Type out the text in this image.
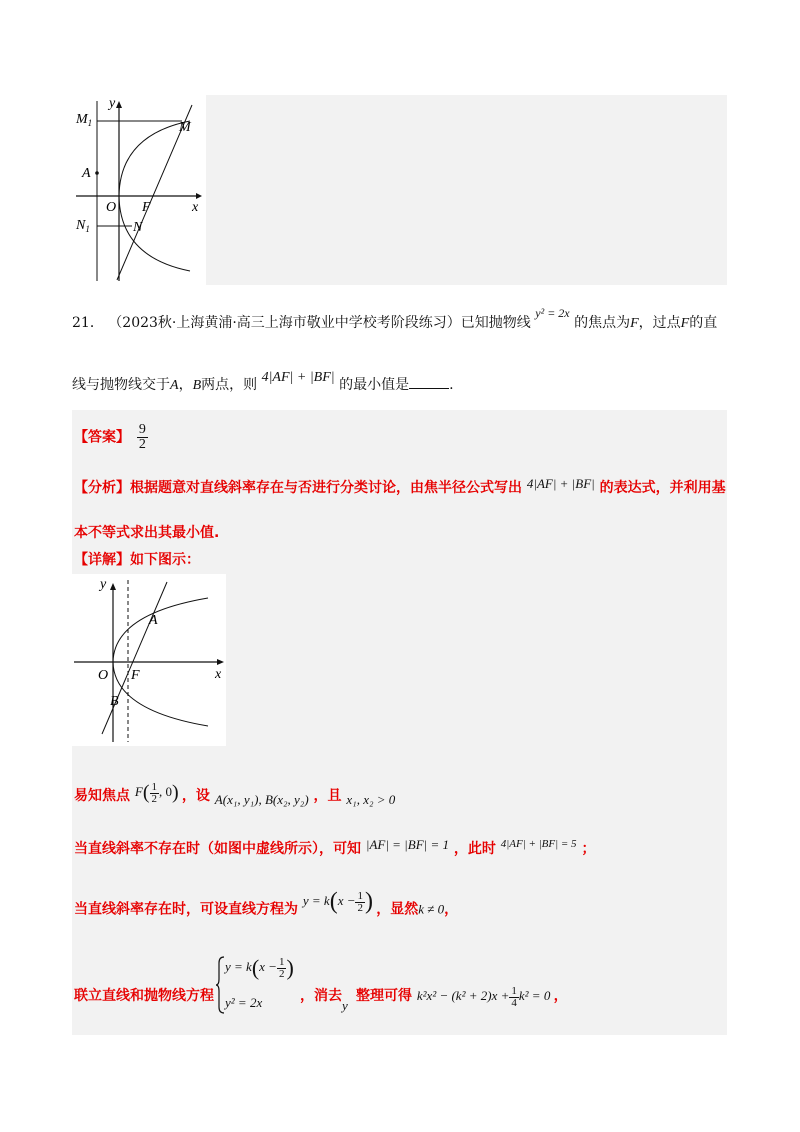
$M_1$	M
A
O F	x
y
$N_1$	N
21． （2023秋·上海黄浦·高三上海市敬业中学校考阶段练习）已知抛物线 y² = 2x 的焦点为F，过点F的直
线与抛物线交于A，B两点，则 4|AF| + |BF| 的最小值是	.
【答案】 $\frac{9}{2}$
【分析】根据题意对直线斜率存在与否进行分类讨论，由焦半径公式写出 4|AF| + |BF| 的表达式，并利用基
本不等式求出其最小值.
【详解】如下图示：
y
x
A
O F
B
易知焦点 $F( \frac{1}{2}$ , 0) ，设 A(x₁, y₁), B(x₂, y₂) ，且 x₁, x₂ > 0
当直线斜率不存在时（如图中虚线所示），可知 |AF| = |BF| = 1 ，此时 $^{4|AF| + |BF| = 5}$ ；
当直线斜率存在时，可设直线方程为 $y = k(x - \frac{1}{2}$ ) ，显然k ≠ 0，
联立直线和抛物线方程
$y = k(x - \frac{1}{2}$ )
y² = 2x	，消去y
整理可得 $k^2x^2 - (k^2 + 2)x + \frac{1}{4} k^2 = 0$ ，
